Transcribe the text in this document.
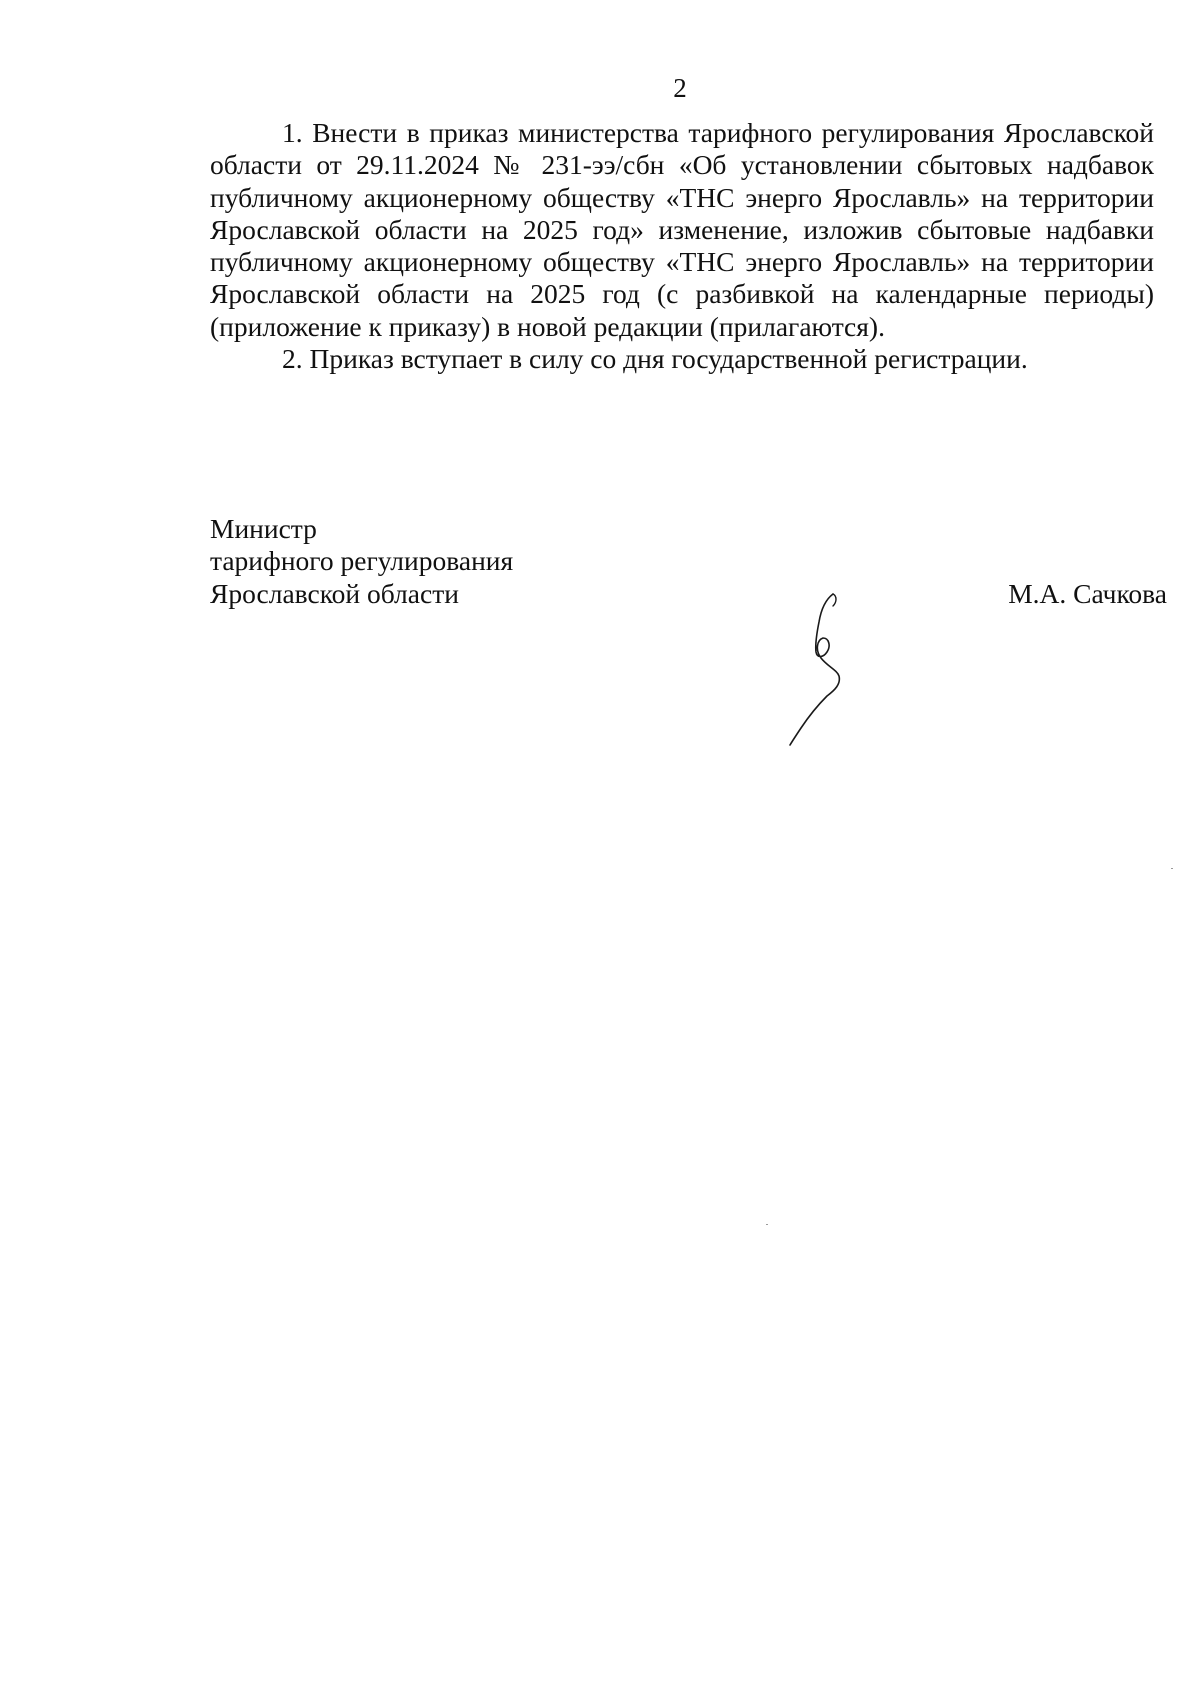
2

1. Внести в приказ министерства тарифного регулирования Ярославской области от 29.11.2024 № 231-ээ/сбн «Об установлении сбытовых надбавок публичному акционерному обществу «ТНС энерго Ярославль» на территории Ярославской области на 2025 год» изменение, изложив сбытовые надбавки публичному акционерному обществу «ТНС энерго Ярославль» на территории Ярославской области на 2025 год (с разбивкой на календарные периоды) (приложение к приказу) в новой редакции (прилагаются).

2. Приказ вступает в силу со дня государственной регистрации.

Министр
тарифного регулирования
Ярославской области	М.А. Сачкова
